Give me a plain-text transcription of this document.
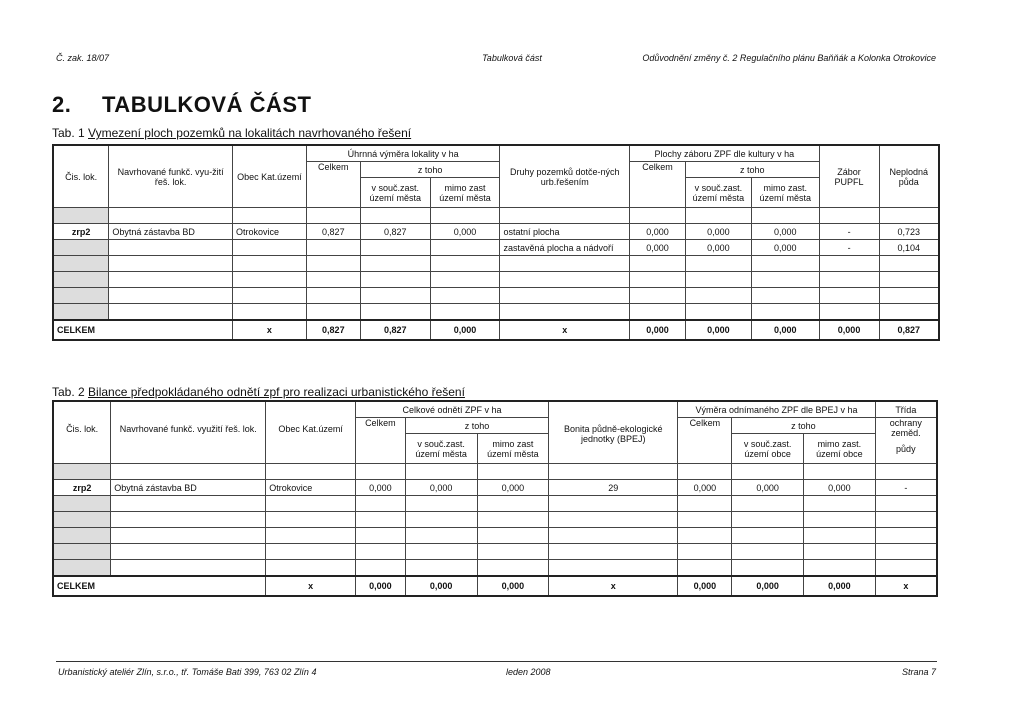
Č. zak. 18/07	Tabulková část	Odůvodnění změny č. 2 Regulačního plánu Baňňák a Kolonka Otrokovice
2. TABULKOVÁ ČÁST
Tab. 1 Vymezení ploch pozemků na lokalitách navrhovaného řešení
Čis. lok.	Navrhované funkč. vyu-žití řeš. lok.	Obec Kat.území	Úhrnná výměra lokality v ha			Druhy pozemků dotče-ných urb.řešením	Plochy záboru ZPF dle kultury v ha			Zábor PUPFL	Neplodná půda
			Celkem	z toho			Celkem	z toho			
				v souč.zast. území města	mimo zast území města			v souč.zast. území města	mimo zast. území města		

zrp2	Obytná zástavba BD	Otrokovice	0,827	0,827	0,000	ostatní plocha	0,000	0,000	0,000	-	0,723
						zastavěná plocha a nádvoří	0,000	0,000	0,000	-	0,104

CELKEM		x	0,827	0,827	0,000	x	0,000	0,000	0,000	0,000	0,827
Tab. 2 Bilance předpokládaného odnětí zpf pro realizaci urbanistického řešení
Čis. lok.	Navrhované funkč. využití řeš. lok.	Obec Kat.území	Celkové odnětí ZPF v ha			Bonita půdně-ekologické jednotky (BPEJ)	Výměra odnímaného ZPF dle BPEJ v ha			Třída
			Celkem	z toho			Celkem	z toho		ochrany zeměd.
půdy

				v souč.zast. území města	mimo zast území města			v souč.zast. území obce	mimo zast. území obce	

zrp2	Obytná zástavba BD	Otrokovice	0,000	0,000	0,000	29	0,000	0,000	0,000	-

CELKEM		x	0,000	0,000	0,000	x	0,000	0,000	0,000	x
Urbanistický ateliér Zlín, s.r.o., tř. Tomáše Bati 399, 763 02 Zlín 4	leden 2008	Strana 7
